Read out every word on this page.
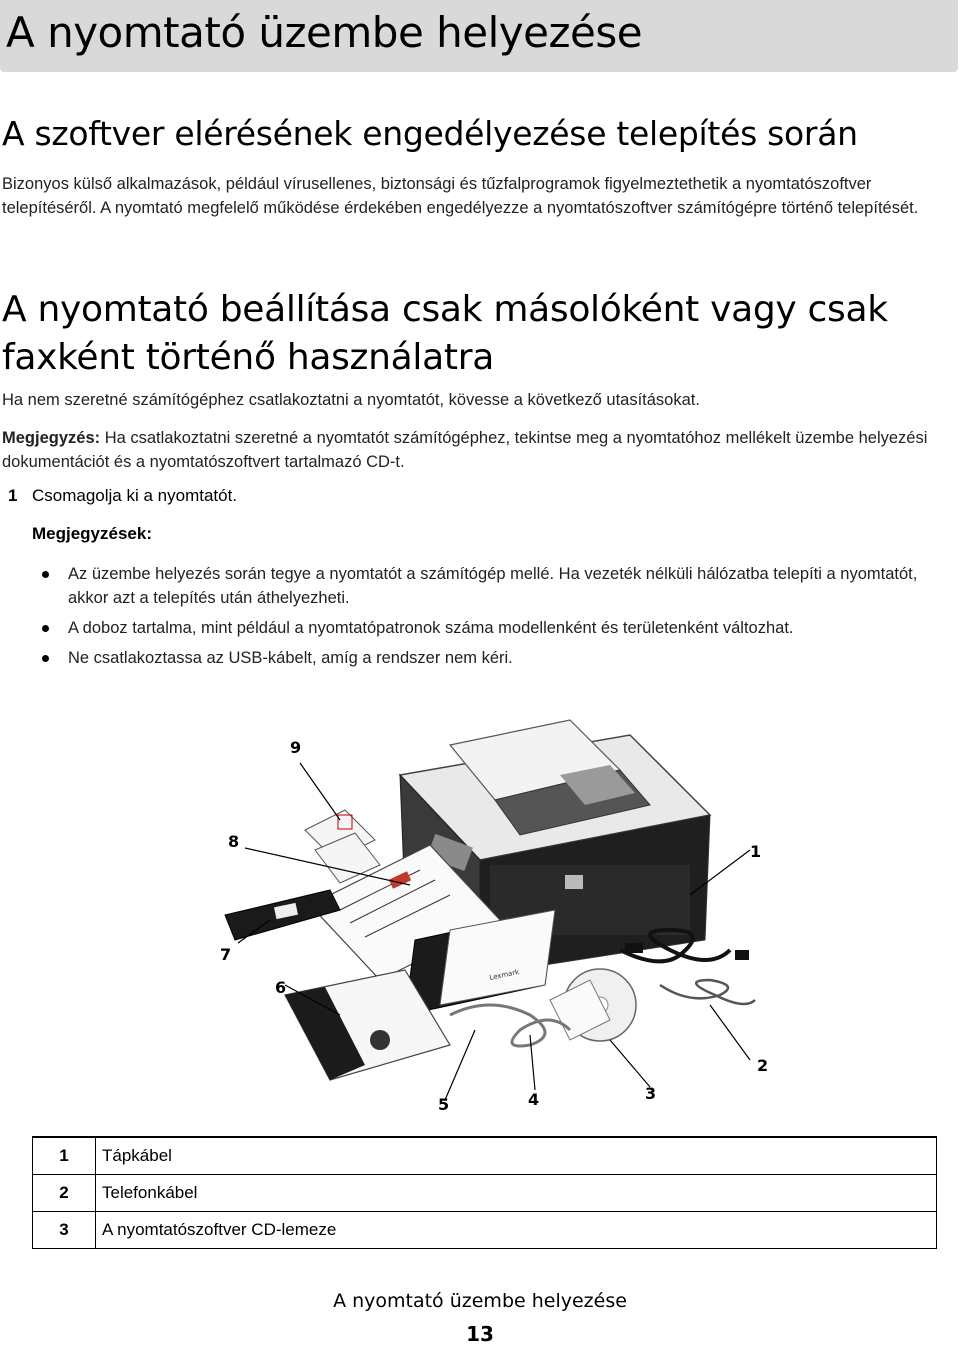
A nyomtató üzembe helyezése
A szoftver elérésének engedélyezése telepítés során
Bizonyos külső alkalmazások, például vírusellenes, biztonsági és tűzfalprogramok figyelmeztethetik a nyomtatószoftver telepítéséről. A nyomtató megfelelő működése érdekében engedélyezze a nyomtatószoftver számítógépre történő telepítését.
A nyomtató beállítása csak másolóként vagy csak faxként történő használatra
Ha nem szeretné számítógéphez csatlakoztatni a nyomtatót, kövesse a következő utasításokat.
Megjegyzés: Ha csatlakoztatni szeretné a nyomtatót számítógéphez, tekintse meg a nyomtatóhoz mellékelt üzembe helyezési dokumentációt és a nyomtatószoftvert tartalmazó CD-t.
1 Csomagolja ki a nyomtatót.
Megjegyzések:
Az üzembe helyezés során tegye a nyomtatót a számítógép mellé. Ha vezeték nélküli hálózatba telepíti a nyomtatót, akkor azt a telepítés után áthelyezheti.
A doboz tartalma, mint például a nyomtatópatronok száma modellenként és területenként változhat.
Ne csatlakoztassa az USB-kábelt, amíg a rendszer nem kéri.
Lexmark
9
8
1
7
6
2
5	4	3
1	Tápkábel
2	Telefonkábel
3	A nyomtatószoftver CD-lemeze
A nyomtató üzembe helyezése
13
